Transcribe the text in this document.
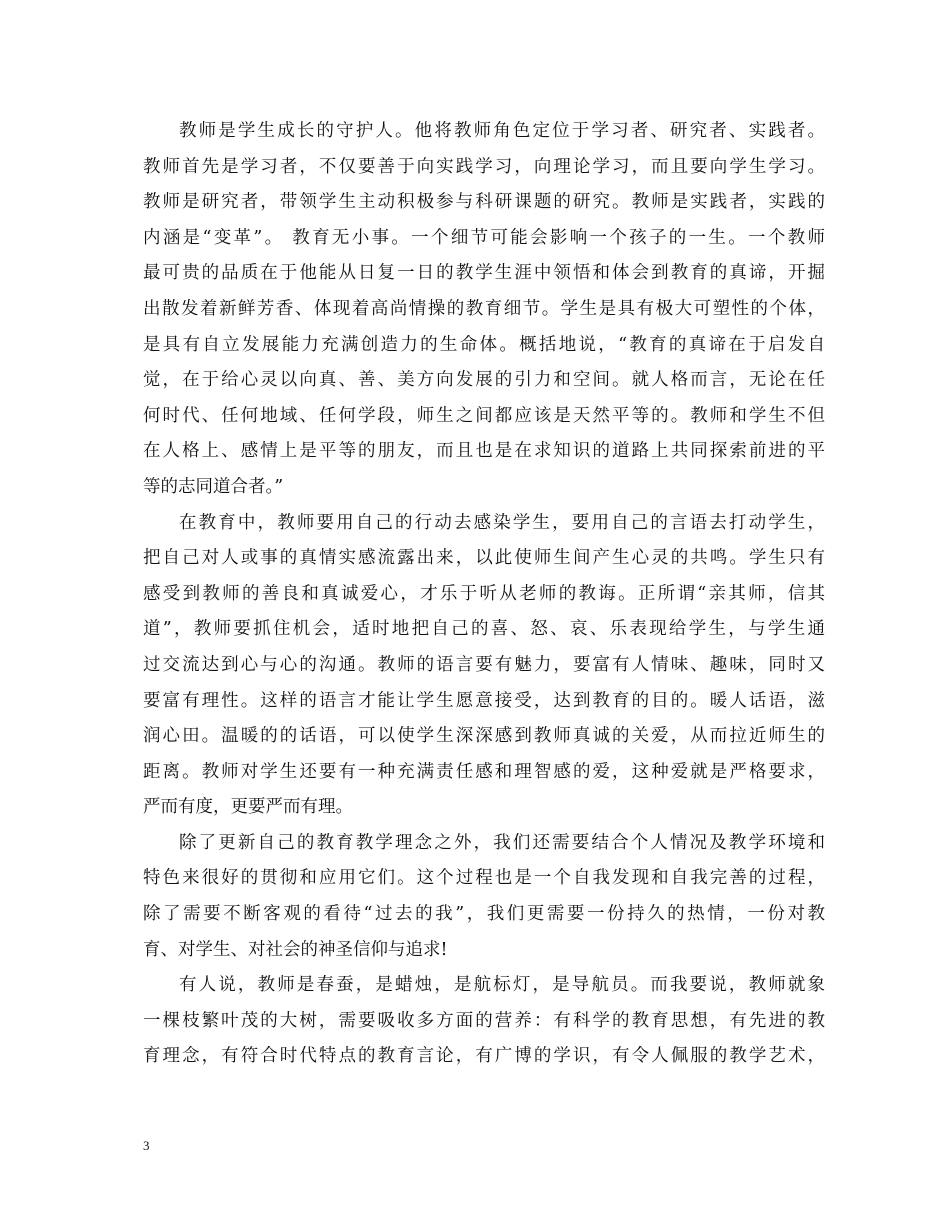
教师是学生成长的守护人。他将教师角色定位于学习者、研究者、实践者。
教师首先是学习者，不仅要善于向实践学习，向理论学习，而且要向学生学习。
教师是研究者，带领学生主动积极参与科研课题的研究。教师是实践者，实践的
内涵是“变革”。 教育无小事。一个细节可能会影响一个孩子的一生。一个教师
最可贵的品质在于他能从日复一日的教学生涯中领悟和体会到教育的真谛，开掘
出散发着新鲜芳香、体现着高尚情操的教育细节。学生是具有极大可塑性的个体，
是具有自立发展能力充满创造力的生命体。概括地说，“教育的真谛在于启发自
觉，在于给心灵以向真、善、美方向发展的引力和空间。就人格而言，无论在任
何时代、任何地域、任何学段，师生之间都应该是天然平等的。教师和学生不但
在人格上、感情上是平等的朋友，而且也是在求知识的道路上共同探索前进的平
等的志同道合者。”
在教育中，教师要用自己的行动去感染学生，要用自己的言语去打动学生，
把自己对人或事的真情实感流露出来，以此使师生间产生心灵的共鸣。学生只有
感受到教师的善良和真诚爱心，才乐于听从老师的教诲。正所谓“亲其师，信其
道”，教师要抓住机会，适时地把自己的喜、怒、哀、乐表现给学生，与学生通
过交流达到心与心的沟通。教师的语言要有魅力，要富有人情味、趣味，同时又
要富有理性。这样的语言才能让学生愿意接受，达到教育的目的。暖人话语，滋
润心田。温暖的的话语，可以使学生深深感到教师真诚的关爱，从而拉近师生的
距离。教师对学生还要有一种充满责任感和理智感的爱，这种爱就是严格要求，
严而有度，更要严而有理。
除了更新自己的教育教学理念之外，我们还需要结合个人情况及教学环境和
特色来很好的贯彻和应用它们。这个过程也是一个自我发现和自我完善的过程，
除了需要不断客观的看待“过去的我”，我们更需要一份持久的热情，一份对教
育、对学生、对社会的神圣信仰与追求!
有人说，教师是春蚕，是蜡烛，是航标灯，是导航员。而我要说，教师就象
一棵枝繁叶茂的大树，需要吸收多方面的营养：有科学的教育思想，有先进的教
育理念，有符合时代特点的教育言论，有广博的学识，有令人佩服的教学艺术，
3
